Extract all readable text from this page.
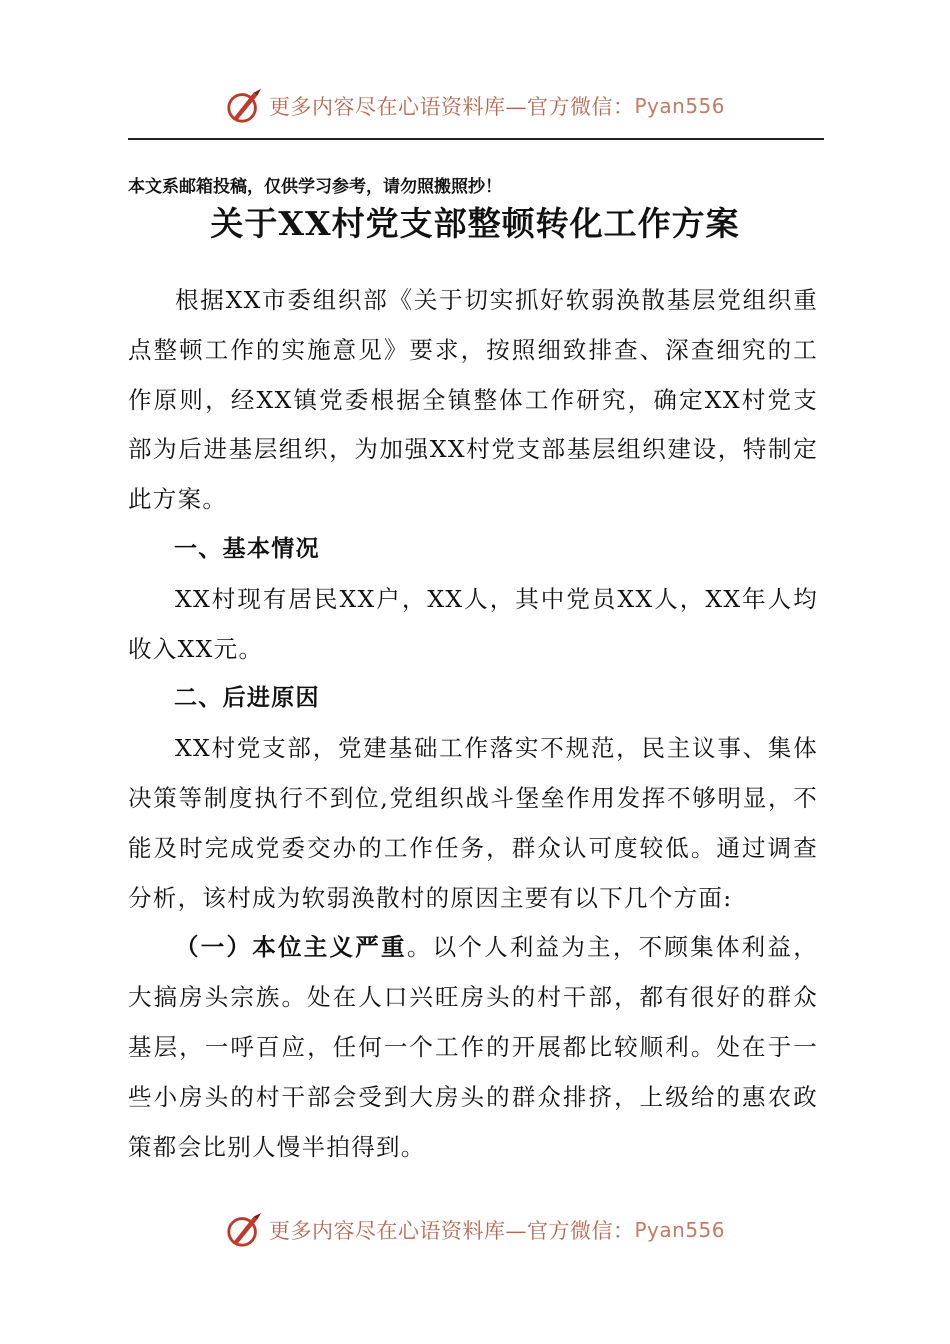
更多内容尽在心语资料库—官方微信： Pyan556
本文系邮箱投稿，仅供学习参考，请勿照搬照抄！
关于XX村党支部整顿转化工作方案

根据XX市委组织部《关于切实抓好软弱涣散基层党组织重点整顿工作的实施意见》要求，按照细致排查、深查细究的工作原则，经XX镇党委根据全镇整体工作研究，确定XX村党支部为后进基层组织，为加强XX村党支部基层组织建设，特制定此方案。

一、基本情况

XX村现有居民XX户，XX人，其中党员XX人，XX年人均收入XX元。

二、后进原因

XX村党支部，党建基础工作落实不规范，民主议事、集体决策等制度执行不到位,党组织战斗堡垒作用发挥不够明显，不能及时完成党委交办的工作任务，群众认可度较低。通过调查分析，该村成为软弱涣散村的原因主要有以下几个方面:

（一）本位主义严重。以个人利益为主，不顾集体利益，大搞房头宗族。处在人口兴旺房头的村干部，都有很好的群众基层，一呼百应，任何一个工作的开展都比较顺利。处在于一些小房头的村干部会受到大房头的群众排挤，上级给的惠农政策都会比别人慢半拍得到。

更多内容尽在心语资料库—官方微信： Pyan556
